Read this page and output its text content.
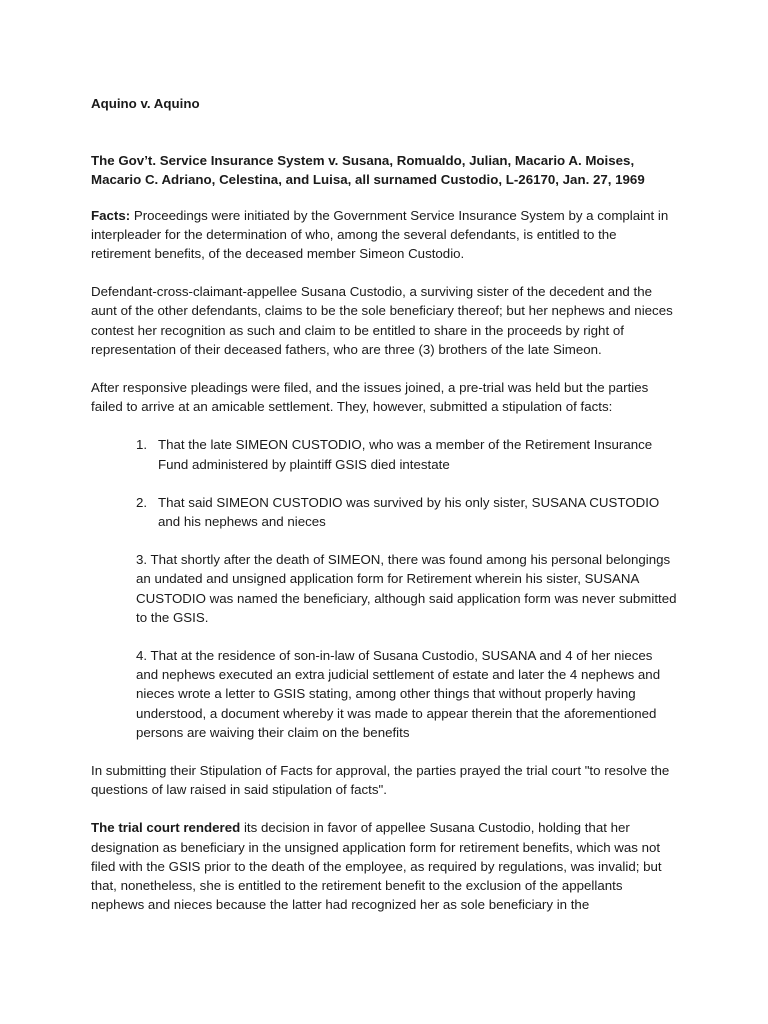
Aquino v. Aquino

The Gov’t. Service Insurance System v. Susana, Romualdo, Julian, Macario A. Moises, Macario C. Adriano, Celestina, and Luisa, all surnamed Custodio, L-26170, Jan. 27, 1969

Facts: Proceedings were initiated by the Government Service Insurance System by a complaint in interpleader for the determination of who, among the several defendants, is entitled to the retirement benefits, of the deceased member Simeon Custodio.

Defendant-cross-claimant-appellee Susana Custodio, a surviving sister of the decedent and the aunt of the other defendants, claims to be the sole beneficiary thereof; but her nephews and nieces contest her recognition as such and claim to be entitled to share in the proceeds by right of representation of their deceased fathers, who are three (3) brothers of the late Simeon.

After responsive pleadings were filed, and the issues joined, a pre-trial was held but the parties failed to arrive at an amicable settlement. They, however, submitted a stipulation of facts:

1. That the late SIMEON CUSTODIO, who was a member of the Retirement Insurance Fund administered by plaintiff GSIS died intestate
2. That said SIMEON CUSTODIO was survived by his only sister, SUSANA CUSTODIO and his nephews and nieces

3. That shortly after the death of SIMEON, there was found among his personal belongings an undated and unsigned application form for Retirement wherein his sister, SUSANA CUSTODIO was named the beneficiary, although said application form was never submitted to the GSIS.

4. That at the residence of son-in-law of Susana Custodio, SUSANA and 4 of her nieces and nephews executed an extra judicial settlement of estate and later the 4 nephews and nieces wrote a letter to GSIS stating, among other things that without properly having understood, a document whereby it was made to appear therein that the aforementioned persons are waiving their claim on the benefits

In submitting their Stipulation of Facts for approval, the parties prayed the trial court "to resolve the questions of law raised in said stipulation of facts".

The trial court rendered its decision in favor of appellee Susana Custodio, holding that her designation as beneficiary in the unsigned application form for retirement benefits, which was not filed with the GSIS prior to the death of the employee, as required by regulations, was invalid; but that, nonetheless, she is entitled to the retirement benefit to the exclusion of the appellants nephews and nieces because the latter had recognized her as sole beneficiary in the
